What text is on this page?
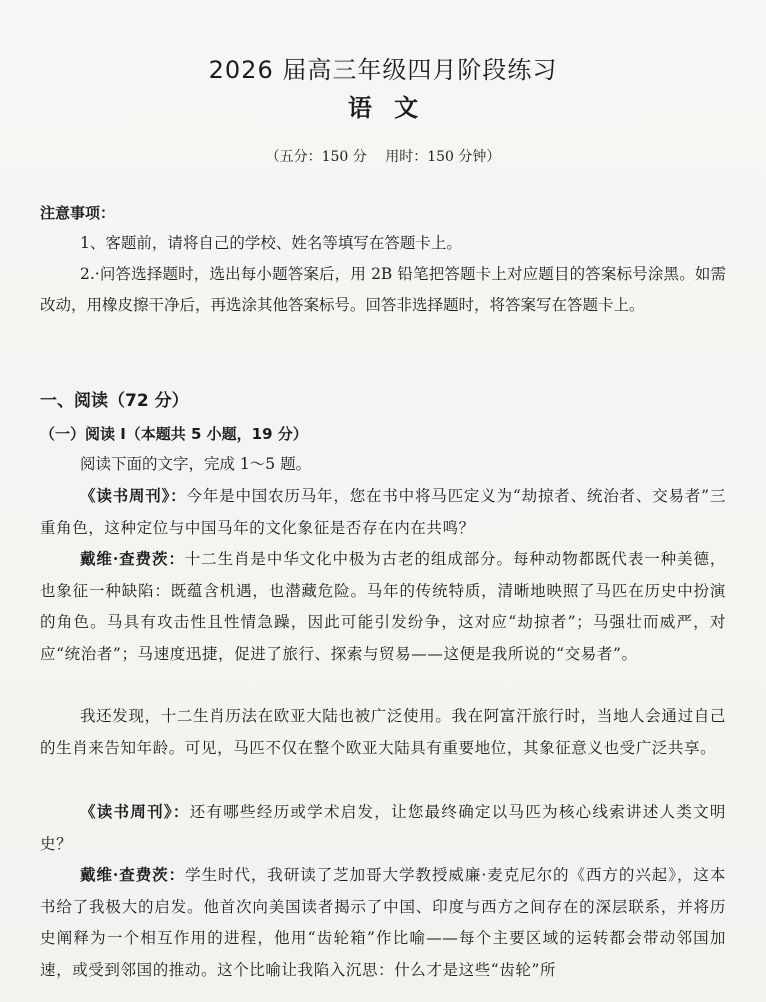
2026 届高三年级四月阶段练习
语 文
（五分：150 分　 用时：150 分钟）
注意事项：
1、客题前，请将自己的学校、姓名等填写在答题卡上。
2.·问答选择题时，选出每小题答案后，用 2B 铅笔把答题卡上对应题目的答案标号涂黑。如需改动，用橡皮擦干净后，再选涂其他答案标号。回答非选择题时，将答案写在答题卡上。
一、阅读（72 分）
（一）阅读 I（本题共 5 小题，19 分）
阅读下面的文字，完成 1～5 题。
《读书周刊》：今年是中国农历马年，您在书中将马匹定义为“劫掠者、统治者、交易者”三重角色，这种定位与中国马年的文化象征是否存在内在共鸣？
戴维·查费茨：十二生肖是中华文化中极为古老的组成部分。每种动物都既代表一种美德，也象征一种缺陷：既蕴含机遇，也潜藏危险。马年的传统特质，清晰地映照了马匹在历史中扮演的角色。马具有攻击性且性情急躁，因此可能引发纷争，这对应“劫掠者”；马强壮而威严，对应“统治者”；马速度迅捷，促进了旅行、探索与贸易——这便是我所说的“交易者”。
我还发现，十二生肖历法在欧亚大陆也被广泛使用。我在阿富汗旅行时，当地人会通过自己的生肖来告知年龄。可见，马匹不仅在整个欧亚大陆具有重要地位，其象征意义也受广泛共享。
《读书周刊》：还有哪些经历或学术启发，让您最终确定以马匹为核心线索讲述人类文明史？
戴维·查费茨：学生时代，我研读了芝加哥大学教授威廉·麦克尼尔的《西方的兴起》，这本书给了我极大的启发。他首次向美国读者揭示了中国、印度与西方之间存在的深层联系，并将历史阐释为一个相互作用的进程，他用“齿轮箱”作比喻——每个主要区域的运转都会带动邻国加速，或受到邻国的推动。这个比喻让我陷入沉思：什么才是这些“齿轮”所
